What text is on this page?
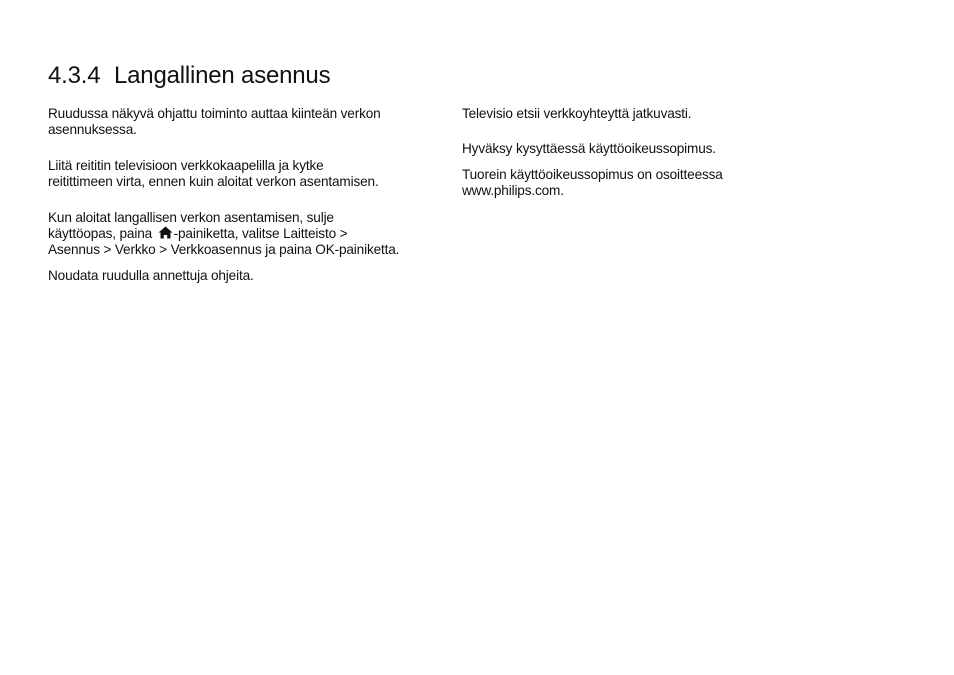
4.3.4 Langallinen asennus

Ruudussa näkyvä ohjattu toiminto auttaa kiinteän verkon
asennuksessa.

Liitä reititin televisioon verkkokaapelilla ja kytke
reitittimeen virta, ennen kuin aloitat verkon asentamisen.

Kun aloitat langallisen verkon asentamisen, sulje
käyttöopas, paina -painiketta, valitse Laitteisto >
Asennus > Verkko > Verkkoasennus ja paina OK-painiketta.

Noudata ruudulla annettuja ohjeita.

Televisio etsii verkkoyhteyttä jatkuvasti.

Hyväksy kysyttäessä käyttöoikeussopimus.

Tuorein käyttöoikeussopimus on osoitteessa
www.philips.com.
